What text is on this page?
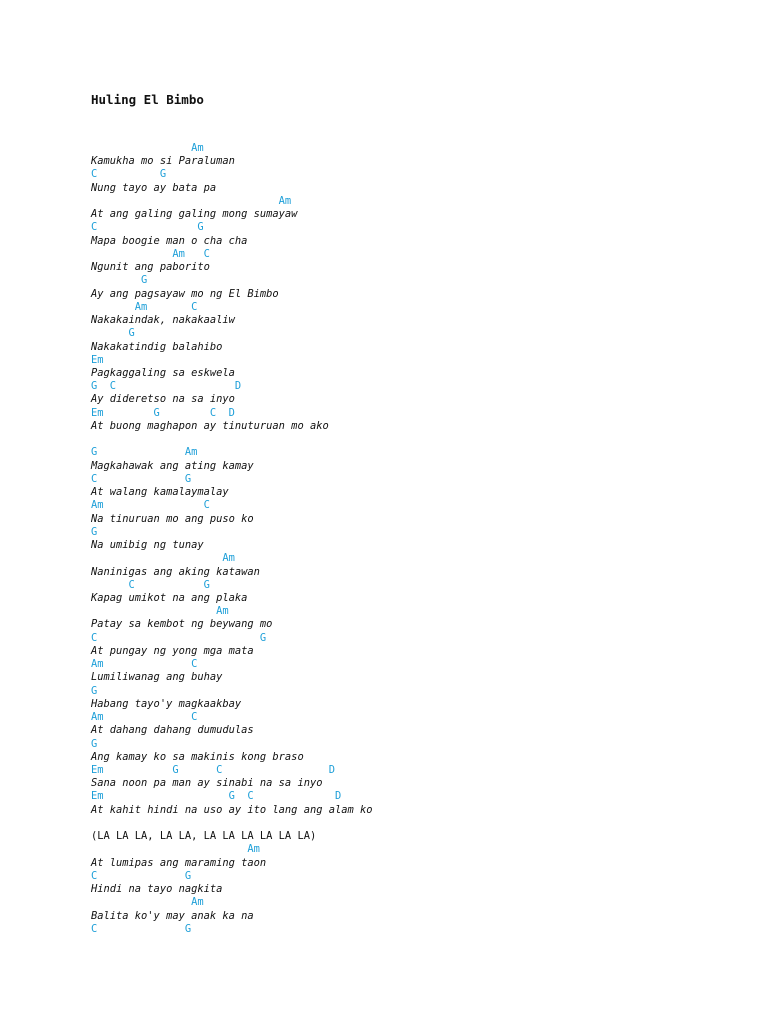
Huling El Bimbo
Am
Kamukha mo si Paraluman
C          G
Nung tayo ay bata pa
Am
At ang galing galing mong sumayaw
C                G
Mapa boogie man o cha cha
Am   C
Ngunit ang paborito
G
Ay ang pagsayaw mo ng El Bimbo
Am       C
Nakakaindak, nakakaaliw
G
Nakakatindig balahibo
Em
Pagkaggaling sa eskwela
G  C                   D
Ay dideretso na sa inyo
Em        G        C  D
At buong maghapon ay tinuturuan mo ako
G              Am
Magkahawak ang ating kamay
C              G
At walang kamalaymalay
Am                C
Na tinuruan mo ang puso ko
G
Na umibig ng tunay
Am
Naninigas ang aking katawan
C           G
Kapag umikot na ang plaka
Am
Patay sa kembot ng beywang mo
C                          G
At pungay ng yong mga mata
Am              C
Lumiliwanag ang buhay
G
Habang tayo'y magkaakbay
Am              C
At dahang dahang dumudulas
G
Ang kamay ko sa makinis kong braso
Em           G      C                 D
Sana noon pa man ay sinabi na sa inyo
Em                    G  C             D
At kahit hindi na uso ay ito lang ang alam ko
(LA LA LA, LA LA, LA LA LA LA LA LA)
Am
At lumipas ang maraming taon
C              G
Hindi na tayo nagkita
Am
Balita ko'y may anak ka na
C              G
